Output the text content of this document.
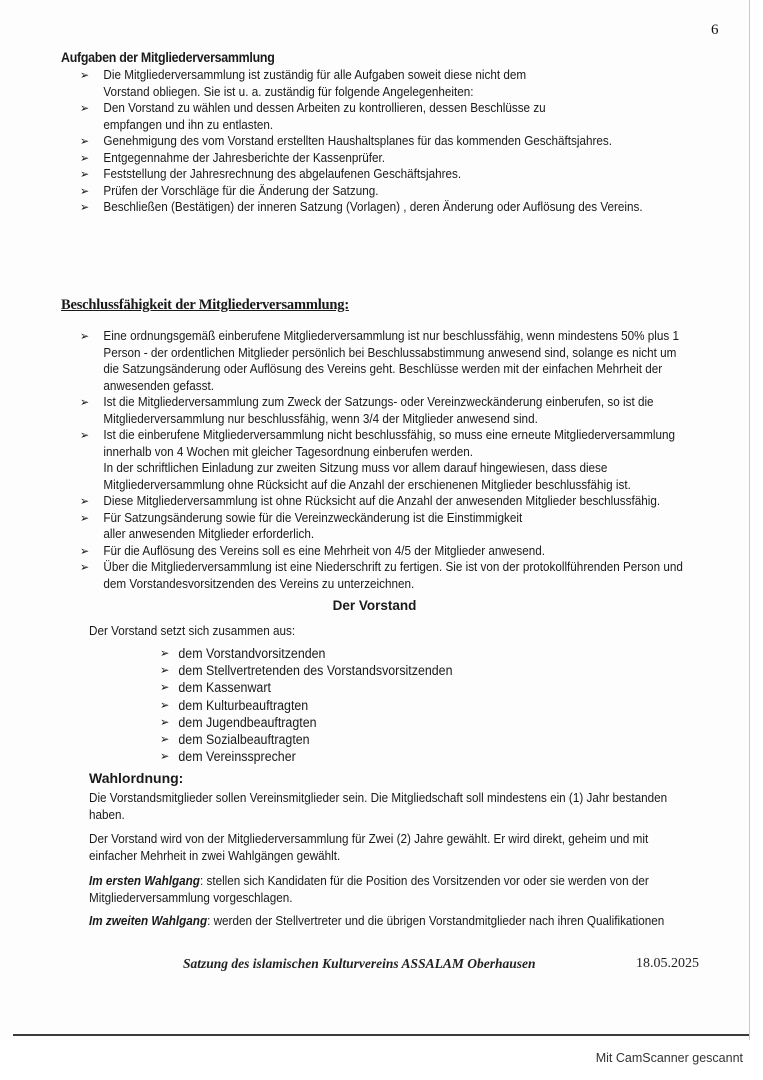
6
Aufgaben der Mitgliederversammlung
➢ Die Mitgliederversammlung ist zuständig für alle Aufgaben soweit diese nicht dem
Vorstand obliegen. Sie ist u. a. zuständig für folgende Angelegenheiten:
➢ Den Vorstand zu wählen und dessen Arbeiten zu kontrollieren, dessen Beschlüsse zu
empfangen und ihn zu entlasten.
➢ Genehmigung des vom Vorstand erstellten Haushaltsplanes für das kommenden Geschäftsjahres.
➢ Entgegennahme der Jahresberichte der Kassenprüfer.
➢ Feststellung der Jahresrechnung des abgelaufenen Geschäftsjahres.
➢ Prüfen der Vorschläge für die Änderung der Satzung.
➢ Beschließen (Bestätigen) der inneren Satzung (Vorlagen) , deren Änderung oder Auflösung des Vereins.
Beschlussfähigkeit der Mitgliederversammlung:
➢ Eine ordnungsgemäß einberufene Mitgliederversammlung ist nur beschlussfähig, wenn mindestens 50% plus 1
Person - der ordentlichen Mitglieder persönlich bei Beschlussabstimmung anwesend sind, solange es nicht um
die Satzungsänderung oder Auflösung des Vereins geht. Beschlüsse werden mit der einfachen Mehrheit der
anwesenden gefasst.
➢ Ist die Mitgliederversammlung zum Zweck der Satzungs- oder Vereinzweckänderung einberufen, so ist die
Mitgliederversammlung nur beschlussfähig, wenn 3/4 der Mitglieder anwesend sind.
➢ Ist die einberufene Mitgliederversammlung nicht beschlussfähig, so muss eine erneute Mitgliederversammlung
innerhalb von 4 Wochen mit gleicher Tagesordnung einberufen werden.
In der schriftlichen Einladung zur zweiten Sitzung muss vor allem darauf hingewiesen, dass diese
Mitgliederversammlung ohne Rücksicht auf die Anzahl der erschienenen Mitglieder beschlussfähig ist.
➢ Diese Mitgliederversammlung ist ohne Rücksicht auf die Anzahl der anwesenden Mitglieder beschlussfähig.
➢ Für Satzungsänderung sowie für die Vereinzweckänderung ist die Einstimmigkeit
aller anwesenden Mitglieder erforderlich.
➢ Für die Auflösung des Vereins soll es eine Mehrheit von 4/5 der Mitglieder anwesend.
➢ Über die Mitgliederversammlung ist eine Niederschrift zu fertigen. Sie ist von der protokollführenden Person und
dem Vorstandesvorsitzenden des Vereins zu unterzeichnen.
Der Vorstand
Der Vorstand setzt sich zusammen aus:
➢ dem Vorstandvorsitzenden
➢ dem Stellvertretenden des Vorstandsvorsitzenden
➢ dem Kassenwart
➢ dem Kulturbeauftragten
➢ dem Jugendbeauftragten
➢ dem Sozialbeauftragten
➢ dem Vereinssprecher
Wahlordnung:
Die Vorstandsmitglieder sollen Vereinsmitglieder sein. Die Mitgliedschaft soll mindestens ein (1) Jahr bestanden
haben.
Der Vorstand wird von der Mitgliederversammlung für Zwei (2) Jahre gewählt. Er wird direkt, geheim und mit
einfacher Mehrheit in zwei Wahlgängen gewählt.
Im ersten Wahlgang: stellen sich Kandidaten für die Position des Vorsitzenden vor oder sie werden von der
Mitgliederversammlung vorgeschlagen.
Im zweiten Wahlgang: werden der Stellvertreter und die übrigen Vorstandmitglieder nach ihren Qualifikationen
Satzung des islamischen Kulturvereins ASSALAM Oberhausen	18.05.2025
Mit CamScanner gescannt
